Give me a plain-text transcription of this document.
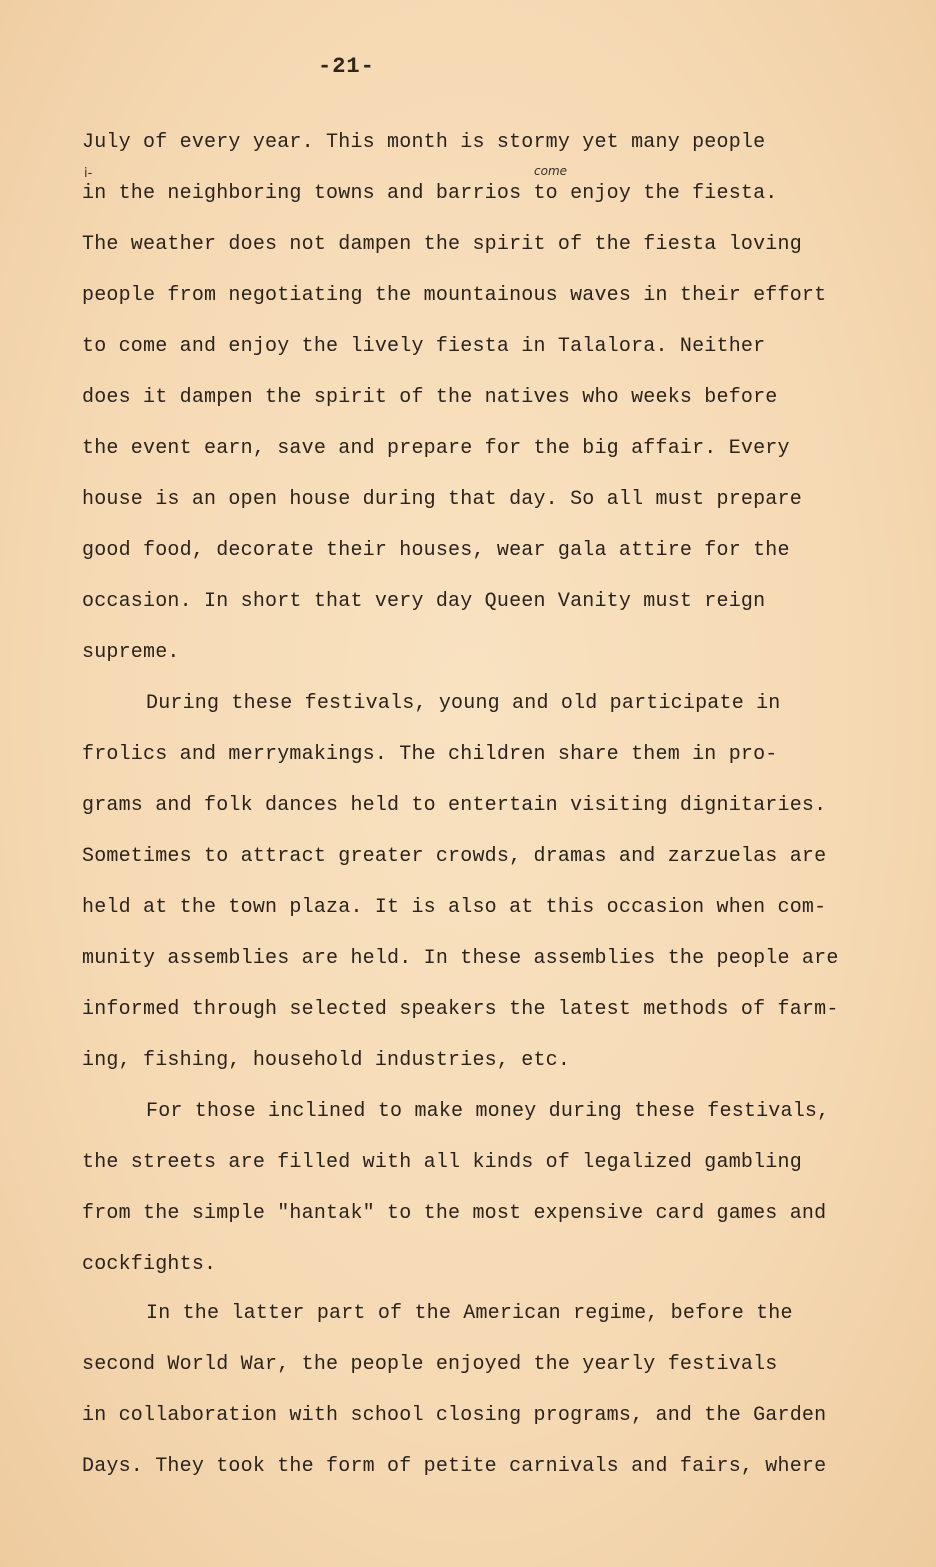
-21-
come
i-
July of every year. This month is stormy yet many people
in the neighboring towns and barrios to enjoy the fiesta.
The weather does not dampen the spirit of the fiesta loving
people from negotiating the mountainous waves in their effort
to come and enjoy the lively fiesta in Talalora. Neither
does it dampen the spirit of the natives who weeks before
the event earn, save and prepare for the big affair. Every
house is an open house during that day. So all must prepare
good food, decorate their houses, wear gala attire for the
occasion. In short that very day Queen Vanity must reign
supreme.
During these festivals, young and old participate in
frolics and merrymakings. The children share them in pro-
grams and folk dances held to entertain visiting dignitaries.
Sometimes to attract greater crowds, dramas and zarzuelas are
held at the town plaza. It is also at this occasion when com-
munity assemblies are held. In these assemblies the people are
informed through selected speakers the latest methods of farm-
ing, fishing, household industries, etc.
For those inclined to make money during these festivals,
the streets are filled with all kinds of legalized gambling
from the simple "hantak" to the most expensive card games and
cockfights.
In the latter part of the American regime, before the
second World War, the people enjoyed the yearly festivals
in collaboration with school closing programs, and the Garden
Days. They took the form of petite carnivals and fairs, where
